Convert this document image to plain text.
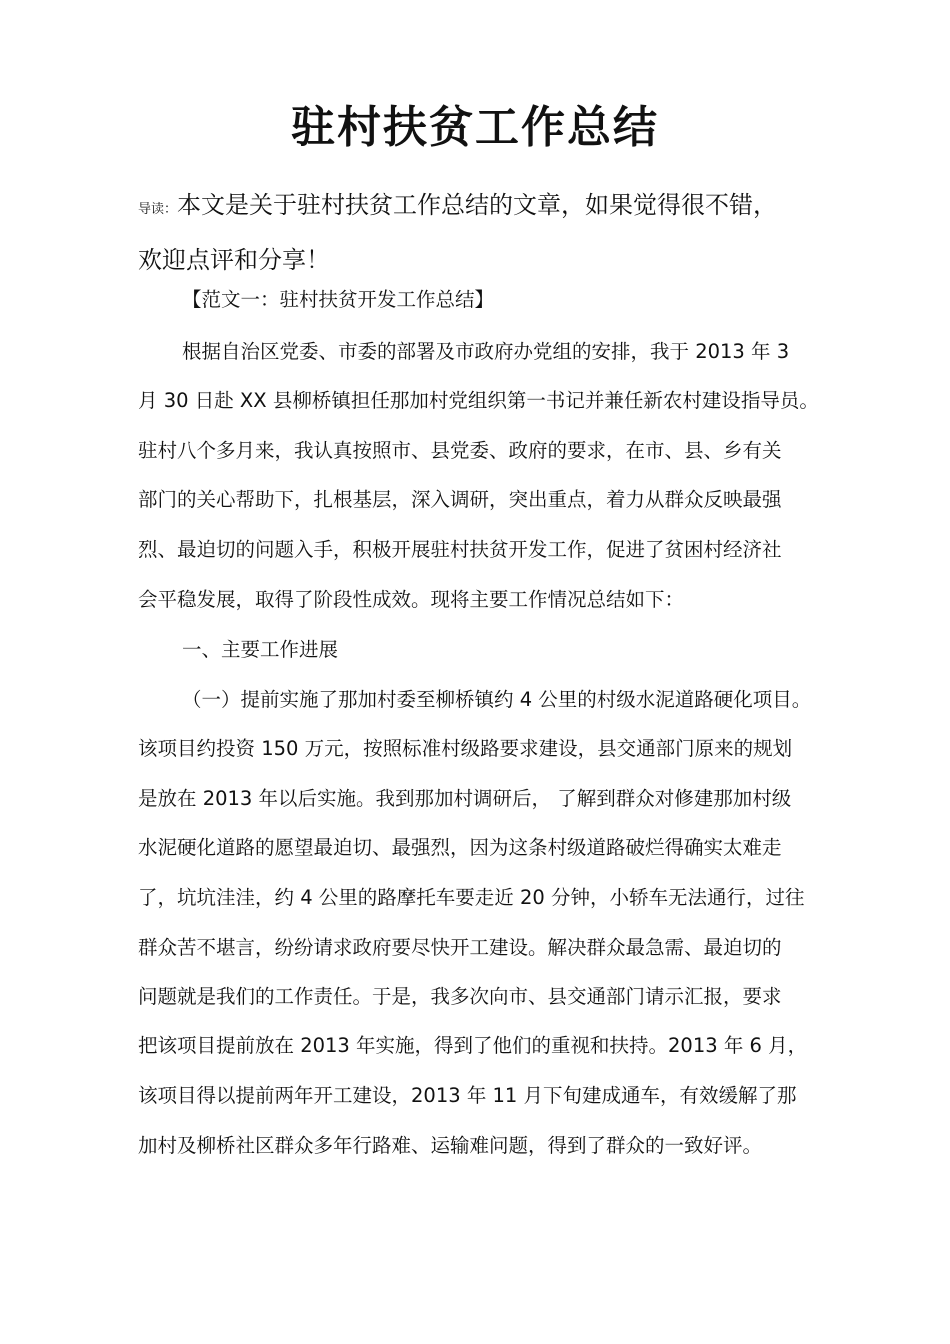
驻村扶贫工作总结
导读：本文是关于驻村扶贫工作总结的文章，如果觉得很不错，
欢迎点评和分享！
【范文一：驻村扶贫开发工作总结】
根据自治区党委、市委的部署及市政府办党组的安排，我于 2013 年 3
月 30 日赴 XX 县柳桥镇担任那加村党组织第一书记并兼任新农村建设指导员。
驻村八个多月来，我认真按照市、县党委、政府的要求，在市、县、乡有关
部门的关心帮助下，扎根基层，深入调研，突出重点，着力从群众反映最强
烈、最迫切的问题入手，积极开展驻村扶贫开发工作，促进了贫困村经济社
会平稳发展，取得了阶段性成效。现将主要工作情况总结如下：
一、主要工作进展
（一）提前实施了那加村委至柳桥镇约 4 公里的村级水泥道路硬化项目。
该项目约投资 150 万元，按照标准村级路要求建设，县交通部门原来的规划
是放在 2013 年以后实施。我到那加村调研后， 了解到群众对修建那加村级
水泥硬化道路的愿望最迫切、最强烈，因为这条村级道路破烂得确实太难走
了，坑坑洼洼，约 4 公里的路摩托车要走近 20 分钟，小轿车无法通行，过往
群众苦不堪言，纷纷请求政府要尽快开工建设。解决群众最急需、最迫切的
问题就是我们的工作责任。于是，我多次向市、县交通部门请示汇报，要求
把该项目提前放在 2013 年实施，得到了他们的重视和扶持。2013 年 6 月，
该项目得以提前两年开工建设，2013 年 11 月下旬建成通车，有效缓解了那
加村及柳桥社区群众多年行路难、运输难问题，得到了群众的一致好评。
